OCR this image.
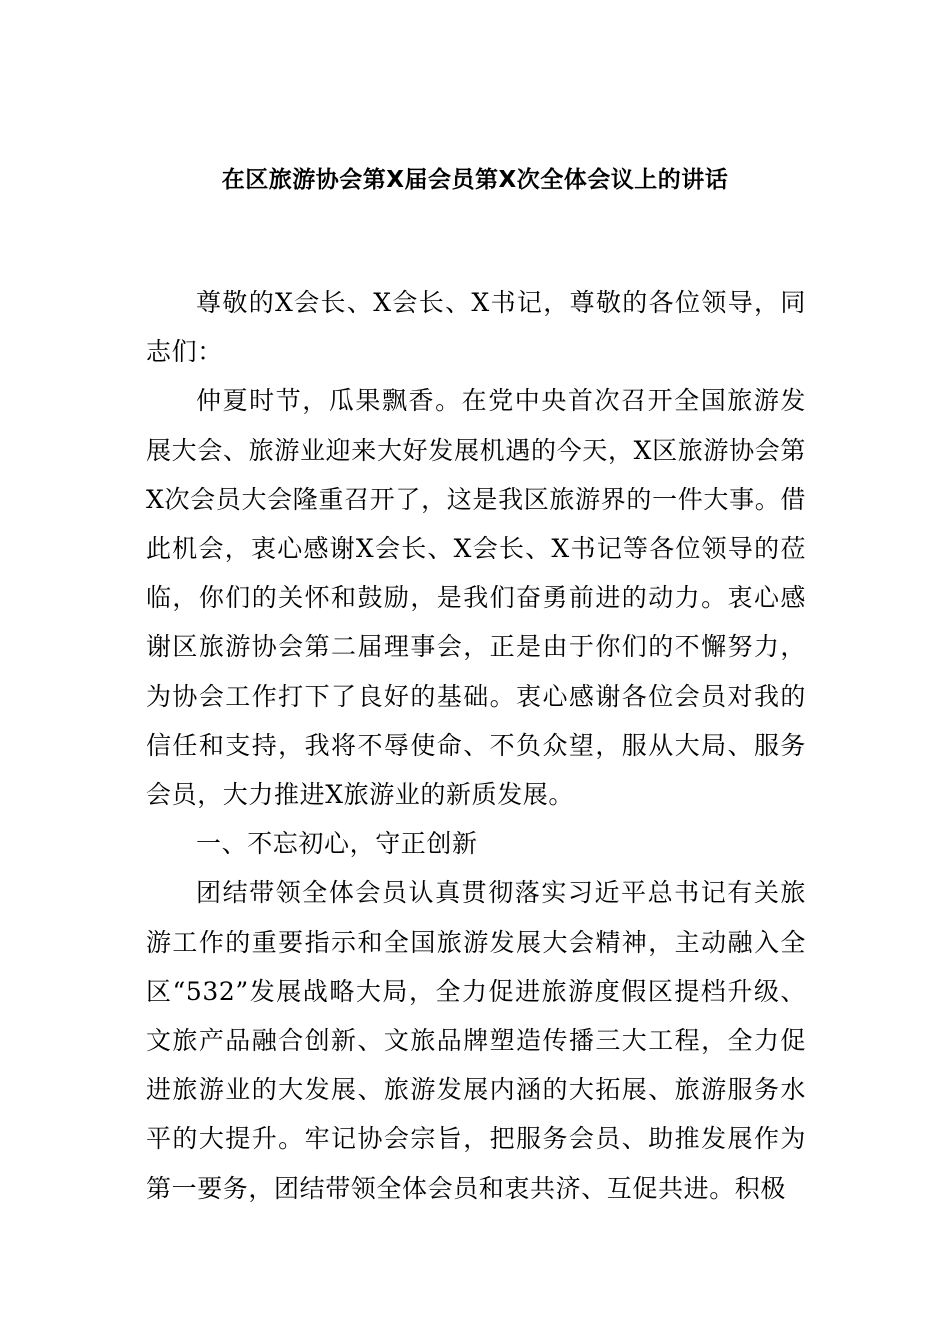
在区旅游协会第X届会员第X次全体会议上的讲话

尊敬的X会长、X会长、X书记，尊敬的各位领导，同志们：

仲夏时节，瓜果飘香。在党中央首次召开全国旅游发展大会、旅游业迎来大好发展机遇的今天，X区旅游协会第X次会员大会隆重召开了，这是我区旅游界的一件大事。借此机会，衷心感谢X会长、X会长、X书记等各位领导的莅临，你们的关怀和鼓励，是我们奋勇前进的动力。衷心感谢区旅游协会第二届理事会，正是由于你们的不懈努力，为协会工作打下了良好的基础。衷心感谢各位会员对我的信任和支持，我将不辱使命、不负众望，服从大局、服务会员，大力推进X旅游业的新质发展。

一、不忘初心，守正创新

团结带领全体会员认真贯彻落实习近平总书记有关旅游工作的重要指示和全国旅游发展大会精神，主动融入全区“532”发展战略大局，全力促进旅游度假区提档升级、文旅产品融合创新、文旅品牌塑造传播三大工程，全力促进旅游业的大发展、旅游发展内涵的大拓展、旅游服务水平的大提升。牢记协会宗旨，把服务会员、助推发展作为第一要务，团结带领全体会员和衷共济、互促共进。积极
